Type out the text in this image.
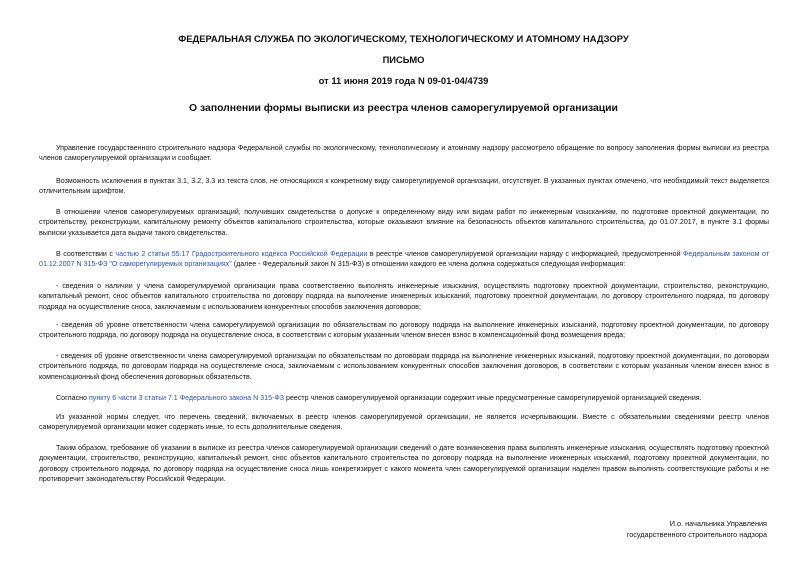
ФЕДЕРАЛЬНАЯ СЛУЖБА ПО ЭКОЛОГИЧЕСКОМУ, ТЕХНОЛОГИЧЕСКОМУ И АТОМНОМУ НАДЗОРУ
ПИСЬМО
от 11 июня 2019 года N 09-01-04/4739
О заполнении формы выписки из реестра членов саморегулируемой организации

Управление государственного строительного надзора Федеральной службы по экологическому, технологическому и атомному надзору рассмотрело обращение по вопросу заполнения формы выписки из реестра членов саморегулируемой организации и сообщает.

Возможность исключения в пунктах 3.1, 3.2, 3.3 из текста слов, не относящихся к конкретному виду саморегулируемой организации, отсутствует. В указанных пунктах отмечено, что необходимый текст выделяется отличительным шрифтом.

В отношении членов саморегулируемых организаций, получивших свидетельства о допуске к определенному виду или видам работ по инженерным изысканиям, по подготовке проектной документации, по строительству, реконструкции, капитальному ремонту объектов капитального строительства, которые оказывают влияние на безопасность объектов капитального строительства, до 01.07.2017, в пункте 3.1 формы выписки указывается дата выдачи такого свидетельства.

В соответствии с частью 2 статьи 55.17 Градостроительного кодекса Российской Федерации в реестре членов саморегулируемой организации наряду с информацией, предусмотренной Федеральным законом от 01.12.2007 N 315-ФЗ "О саморегулируемых организациях" (далее - Федеральный закон N 315-ФЗ) в отношении каждого ее члена должна содержаться следующая информация:

- сведения о наличии у члена саморегулируемой организации права соответственно выполнять инженерные изыскания, осуществлять подготовку проектной документации, строительство, реконструкцию, капитальный ремонт, снос объектов капитального строительства по договору подряда на выполнение инженерных изысканий, подготовку проектной документации, по договору строительного подряда, по договору подряда на осуществление сноса, заключаемым с использованием конкурентных способов заключения договоров;

- сведения об уровне ответственности члена саморегулируемой организации по обязательствам по договору подряда на выполнение инженерных изысканий, подготовку проектной документации, по договору строительного подряда, по договору подряда на осуществление сноса, в соответствии с которым указанным членом внесен взнос в компенсационный фонд возмещения вреда;

- сведения об уровне ответственности члена саморегулируемой организации по обязательствам по договорам подряда на выполнение инженерных изысканий, подготовку проектной документации, по договорам строительного подряда, по договорам подряда на осуществление сноса, заключаемым с использованием конкурентных способов заключения договоров, в соответствии с которым указанным членом внесен взнос в компенсационный фонд обеспечения договорных обязательств.

Согласно пункту 6 части 3 статьи 7.1 Федерального закона N 315-ФЗ реестр членов саморегулируемой организации содержит иные предусмотренные саморегулируемой организацией сведения.

Из указанной нормы следует, что перечень сведений, включаемых в реестр членов саморегулируемой организации, не является исчерпывающим. Вместе с обязательными сведениями реестр членов саморегулируемой организации может содержать иные, то есть дополнительные сведения.

Таким образом, требование об указании в выписке из реестра членов саморегулируемой организации сведений о дате возникновения права выполнять инженерные изыскания, осуществлять подготовку проектной документации, строительство, реконструкцию, капитальный ремонт, снос объектов капитального строительства по договору подряда на выполнение инженерных изысканий, подготовку проектной документации, по договору строительного подряда, по договору подряда на осуществление сноса лишь конкретизирует с какого момента член саморегулируемой организации наделен правом выполнять соответствующие работы и не противоречит законодательству Российской Федерации.

И.о. начальника Управления
государственного строительного надзора
